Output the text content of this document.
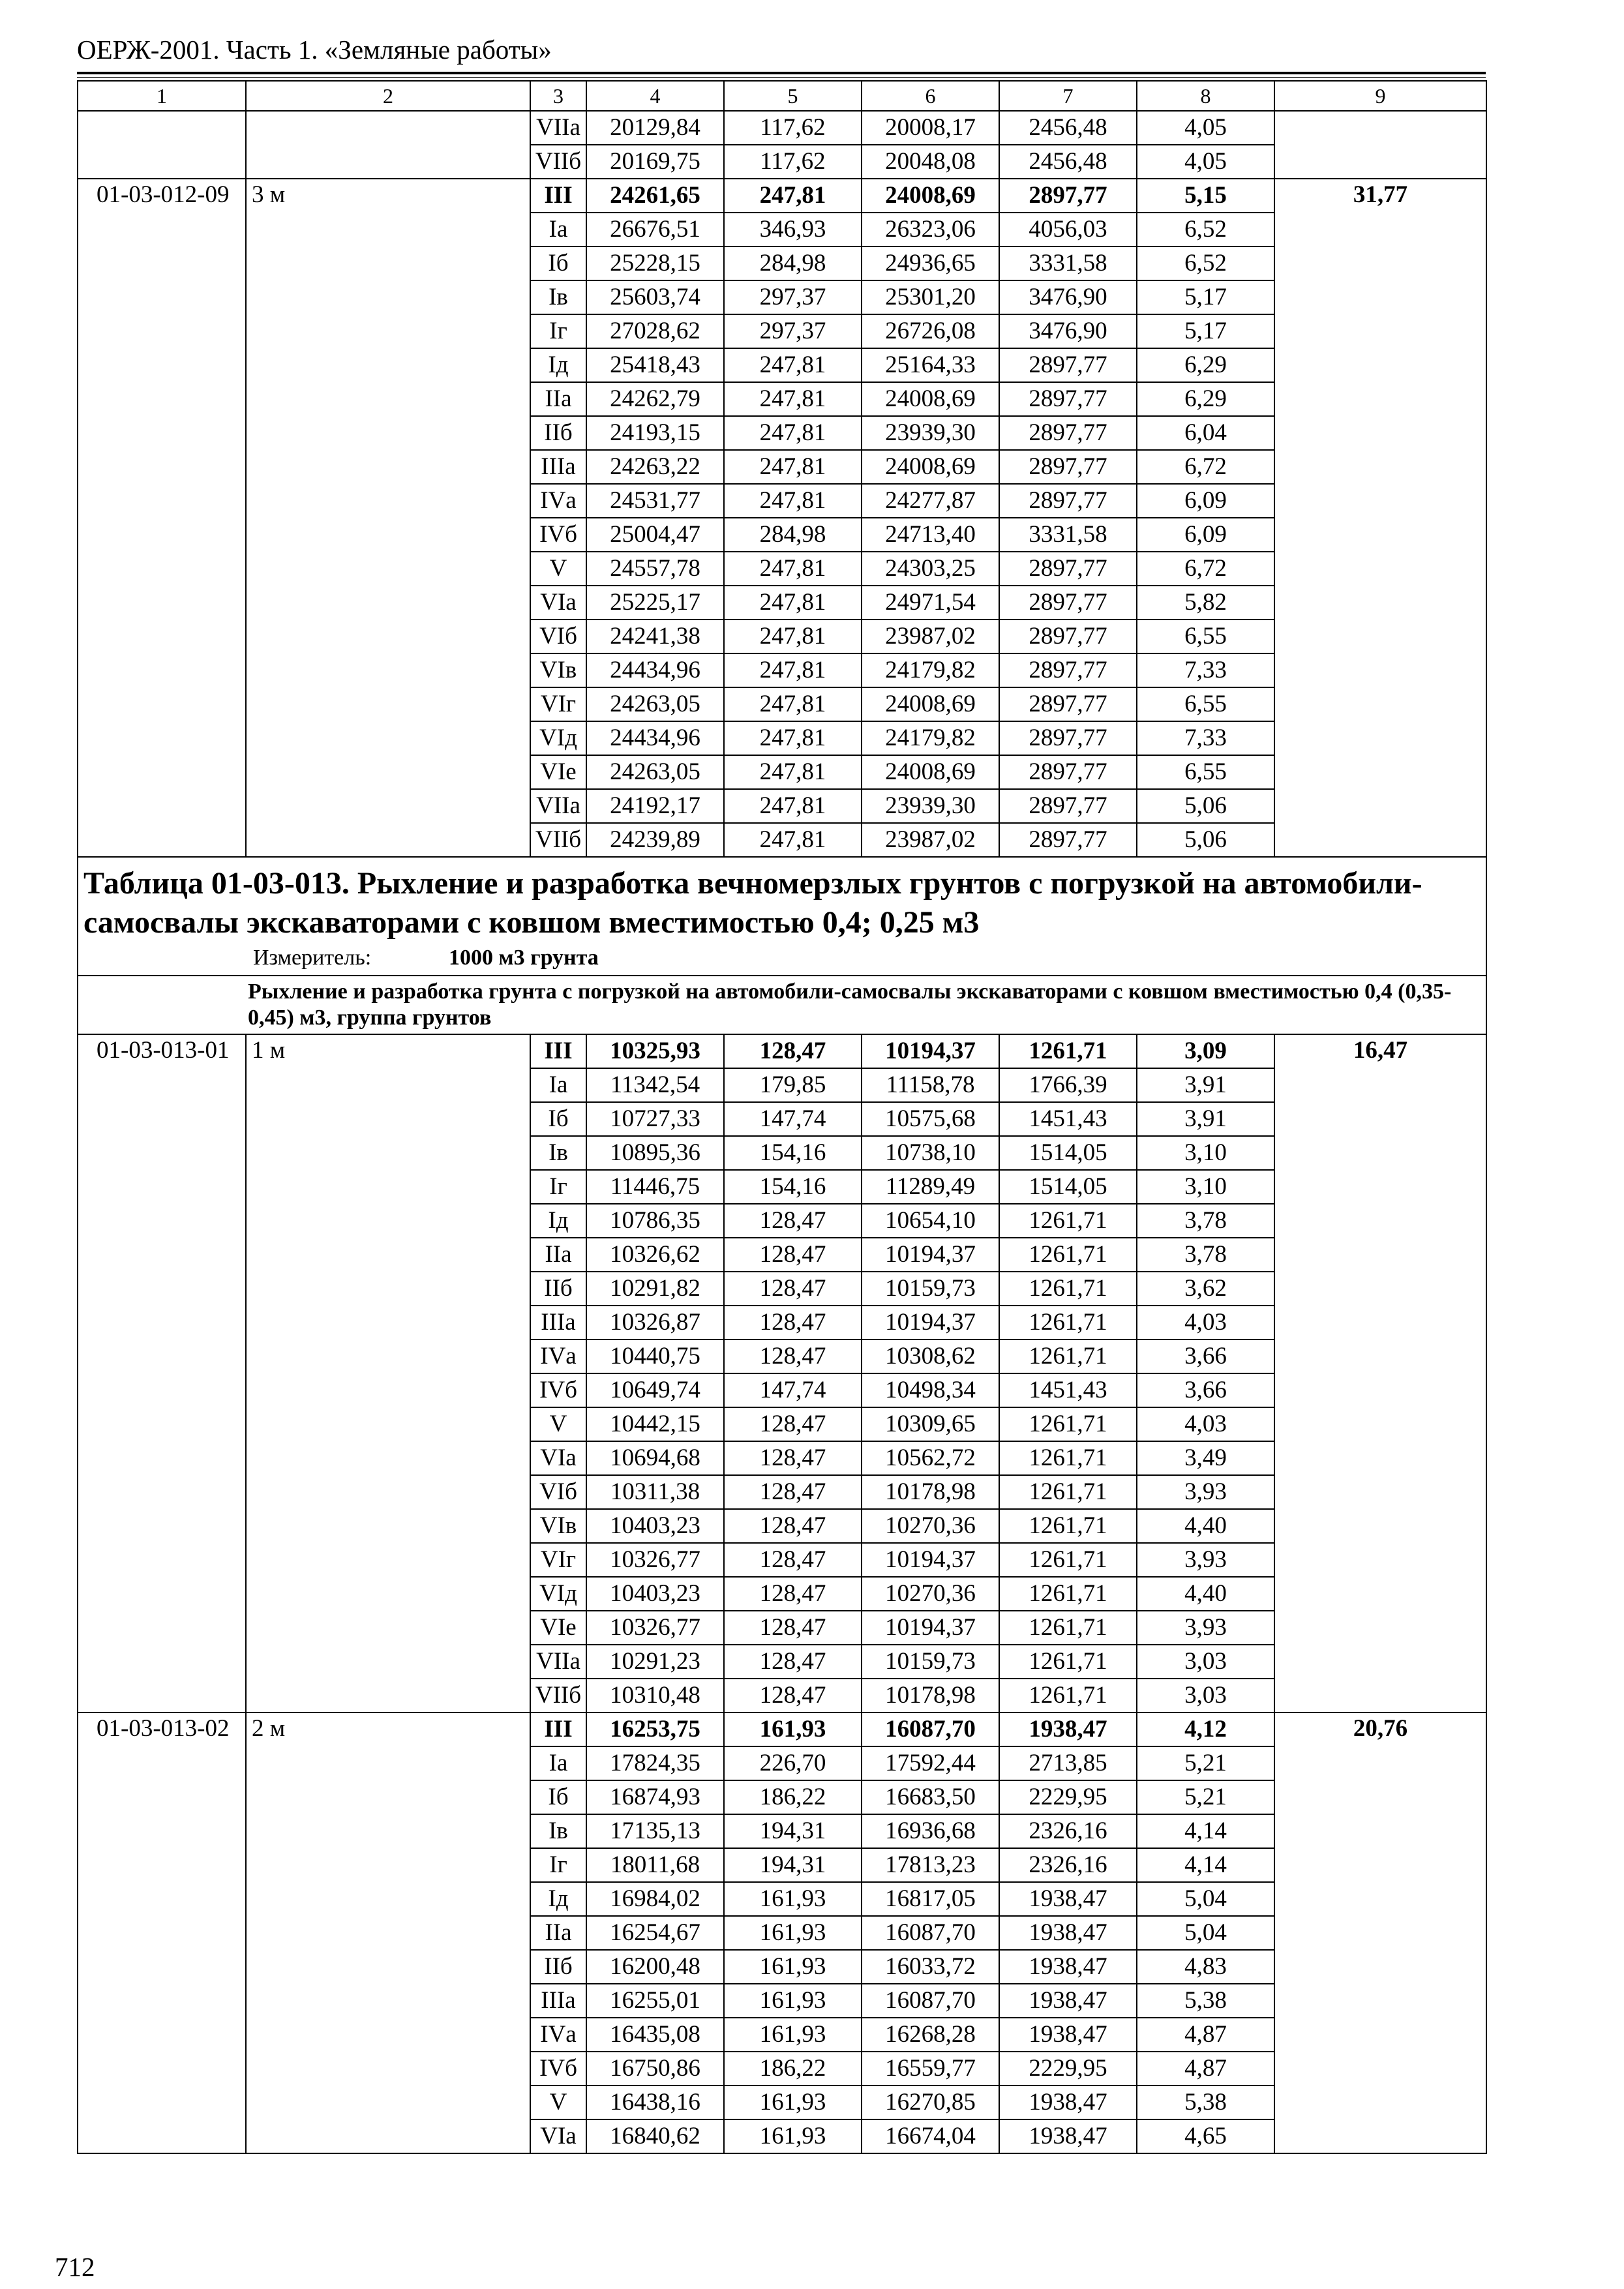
ОЕРЖ-2001. Часть 1. «Земляные работы»
1	2	3	4	5	6	7	8	9
		VIIа	20129,84	117,62	20008,17	2456,48	4,05	
		VIIб	20169,75	117,62	20048,08	2456,48	4,05	
01-03-012-09	3 м	III	24261,65	247,81	24008,69	2897,77	5,15	31,77
		Iа	26676,51	346,93	26323,06	4056,03	6,52	
		Iб	25228,15	284,98	24936,65	3331,58	6,52	
		Iв	25603,74	297,37	25301,20	3476,90	5,17	
		Iг	27028,62	297,37	26726,08	3476,90	5,17	
		Iд	25418,43	247,81	25164,33	2897,77	6,29	
		IIа	24262,79	247,81	24008,69	2897,77	6,29	
		IIб	24193,15	247,81	23939,30	2897,77	6,04	
		IIIа	24263,22	247,81	24008,69	2897,77	6,72	
		IVа	24531,77	247,81	24277,87	2897,77	6,09	
		IVб	25004,47	284,98	24713,40	3331,58	6,09	
		V	24557,78	247,81	24303,25	2897,77	6,72	
		VIа	25225,17	247,81	24971,54	2897,77	5,82	
		VIб	24241,38	247,81	23987,02	2897,77	6,55	
		VIв	24434,96	247,81	24179,82	2897,77	7,33	
		VIг	24263,05	247,81	24008,69	2897,77	6,55	
		VIд	24434,96	247,81	24179,82	2897,77	7,33	
		VIе	24263,05	247,81	24008,69	2897,77	6,55	
		VIIа	24192,17	247,81	23939,30	2897,77	5,06	
		VIIб	24239,89	247,81	23987,02	2897,77	5,06	

Таблица 01-03-013. Рыхление и разработка вечномерзлых грунтов с погрузкой на автомобили-самосвалы экскаваторами с ковшом вместимостью 0,4; 0,25 м3
Измеритель: 1000 м3 грунта								

Рыхление и разработка грунта с погрузкой на автомобили-самосвалы экскаваторами с ковшом вместимостью 0,4 (0,35-0,45) м3, группа грунтов								
01-03-013-01	1 м	III	10325,93	128,47	10194,37	1261,71	3,09	16,47
		Iа	11342,54	179,85	11158,78	1766,39	3,91	
		Iб	10727,33	147,74	10575,68	1451,43	3,91	
		Iв	10895,36	154,16	10738,10	1514,05	3,10	
		Iг	11446,75	154,16	11289,49	1514,05	3,10	
		Iд	10786,35	128,47	10654,10	1261,71	3,78	
		IIа	10326,62	128,47	10194,37	1261,71	3,78	
		IIб	10291,82	128,47	10159,73	1261,71	3,62	
		IIIа	10326,87	128,47	10194,37	1261,71	4,03	
		IVа	10440,75	128,47	10308,62	1261,71	3,66	
		IVб	10649,74	147,74	10498,34	1451,43	3,66	
		V	10442,15	128,47	10309,65	1261,71	4,03	
		VIа	10694,68	128,47	10562,72	1261,71	3,49	
		VIб	10311,38	128,47	10178,98	1261,71	3,93	
		VIв	10403,23	128,47	10270,36	1261,71	4,40	
		VIг	10326,77	128,47	10194,37	1261,71	3,93	
		VIд	10403,23	128,47	10270,36	1261,71	4,40	
		VIе	10326,77	128,47	10194,37	1261,71	3,93	
		VIIа	10291,23	128,47	10159,73	1261,71	3,03	
		VIIб	10310,48	128,47	10178,98	1261,71	3,03	
01-03-013-02	2 м	III	16253,75	161,93	16087,70	1938,47	4,12	20,76
		Iа	17824,35	226,70	17592,44	2713,85	5,21	
		Iб	16874,93	186,22	16683,50	2229,95	5,21	
		Iв	17135,13	194,31	16936,68	2326,16	4,14	
		Iг	18011,68	194,31	17813,23	2326,16	4,14	
		Iд	16984,02	161,93	16817,05	1938,47	5,04	
		IIа	16254,67	161,93	16087,70	1938,47	5,04	
		IIб	16200,48	161,93	16033,72	1938,47	4,83	
		IIIа	16255,01	161,93	16087,70	1938,47	5,38	
		IVа	16435,08	161,93	16268,28	1938,47	4,87	
		IVб	16750,86	186,22	16559,77	2229,95	4,87	
		V	16438,16	161,93	16270,85	1938,47	5,38	
		VIа	16840,62	161,93	16674,04	1938,47	4,65	
712
